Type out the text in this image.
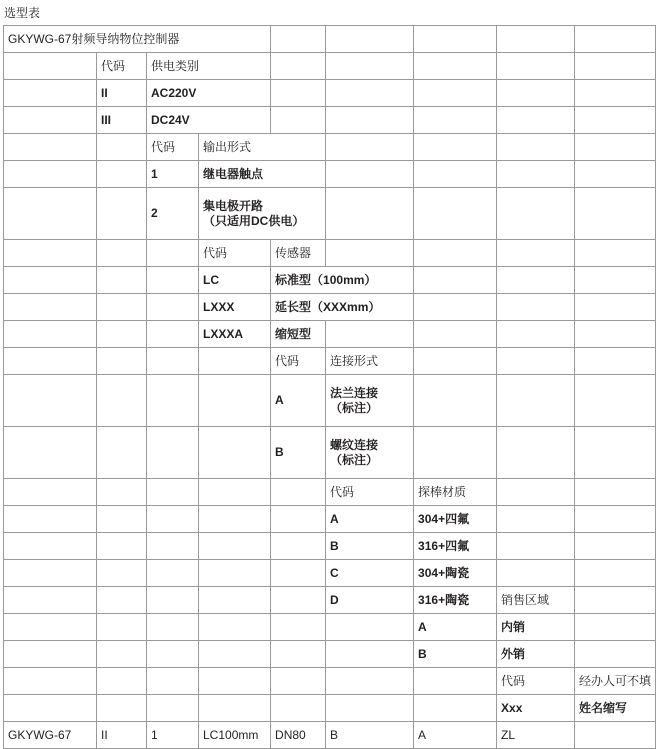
选型表
GKYWG-67射频导纳物位控制器								
	代码	供电类别						
	II	AC220V						
	III	DC24V						
		代码	输出形式					
		1	继电器触点					
		2	集电极开路
（只适用DC供电）					

			代码	传感器				
			LC	标准型（100mm）				
			LXXX	延长型（XXXmm）				
			LXXXA	缩短型				
				代码	连接形式			
				A	法兰连接
（标注）			

				B	螺纹连接
（标注）			

					代码	探棒材质		
					A	304+四氟		
					B	316+四氟		
					C	304+陶瓷		
					D	316+陶瓷	销售区域	
						A	内销	
						B	外销	
							代码	经办人可不填
							Xxx	姓名缩写
GKYWG-67	II	1	LC100mm	DN80	B	A	ZL	
